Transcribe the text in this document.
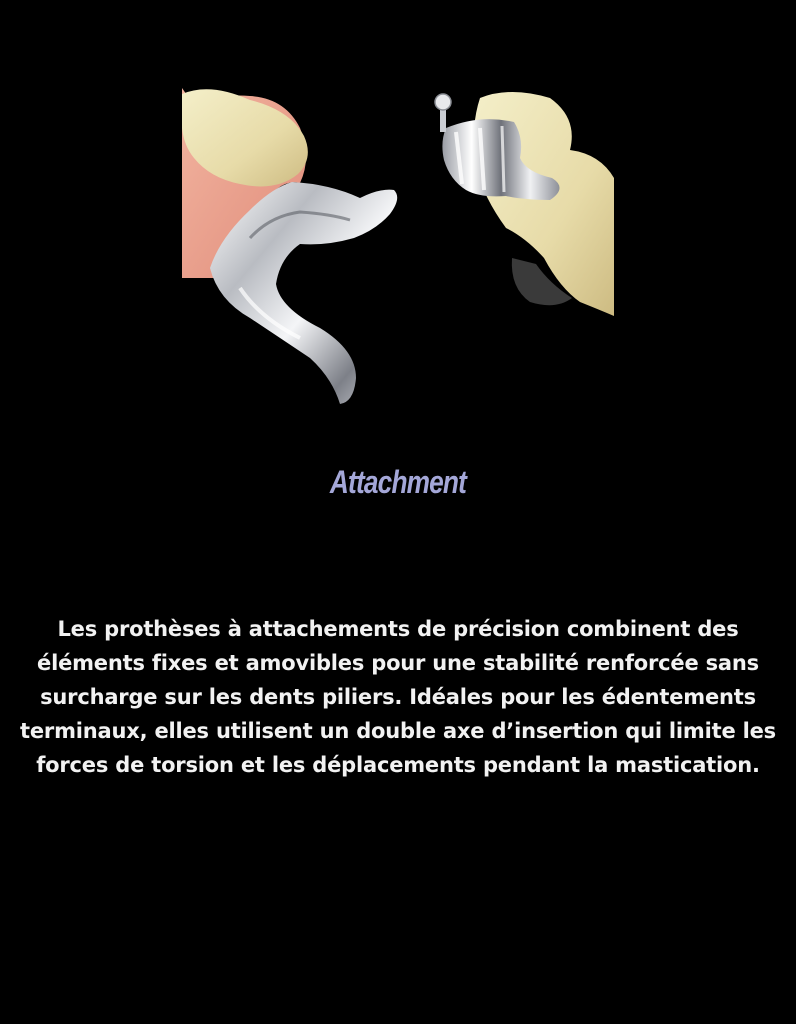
Attachment

Les prothèses à attachements de précision combinent des éléments fixes et amovibles pour une stabilité renforcée sans surcharge sur les dents piliers. Idéales pour les édentements terminaux, elles utilisent un double axe d’insertion qui limite les forces de torsion et les déplacements pendant la mastication.
